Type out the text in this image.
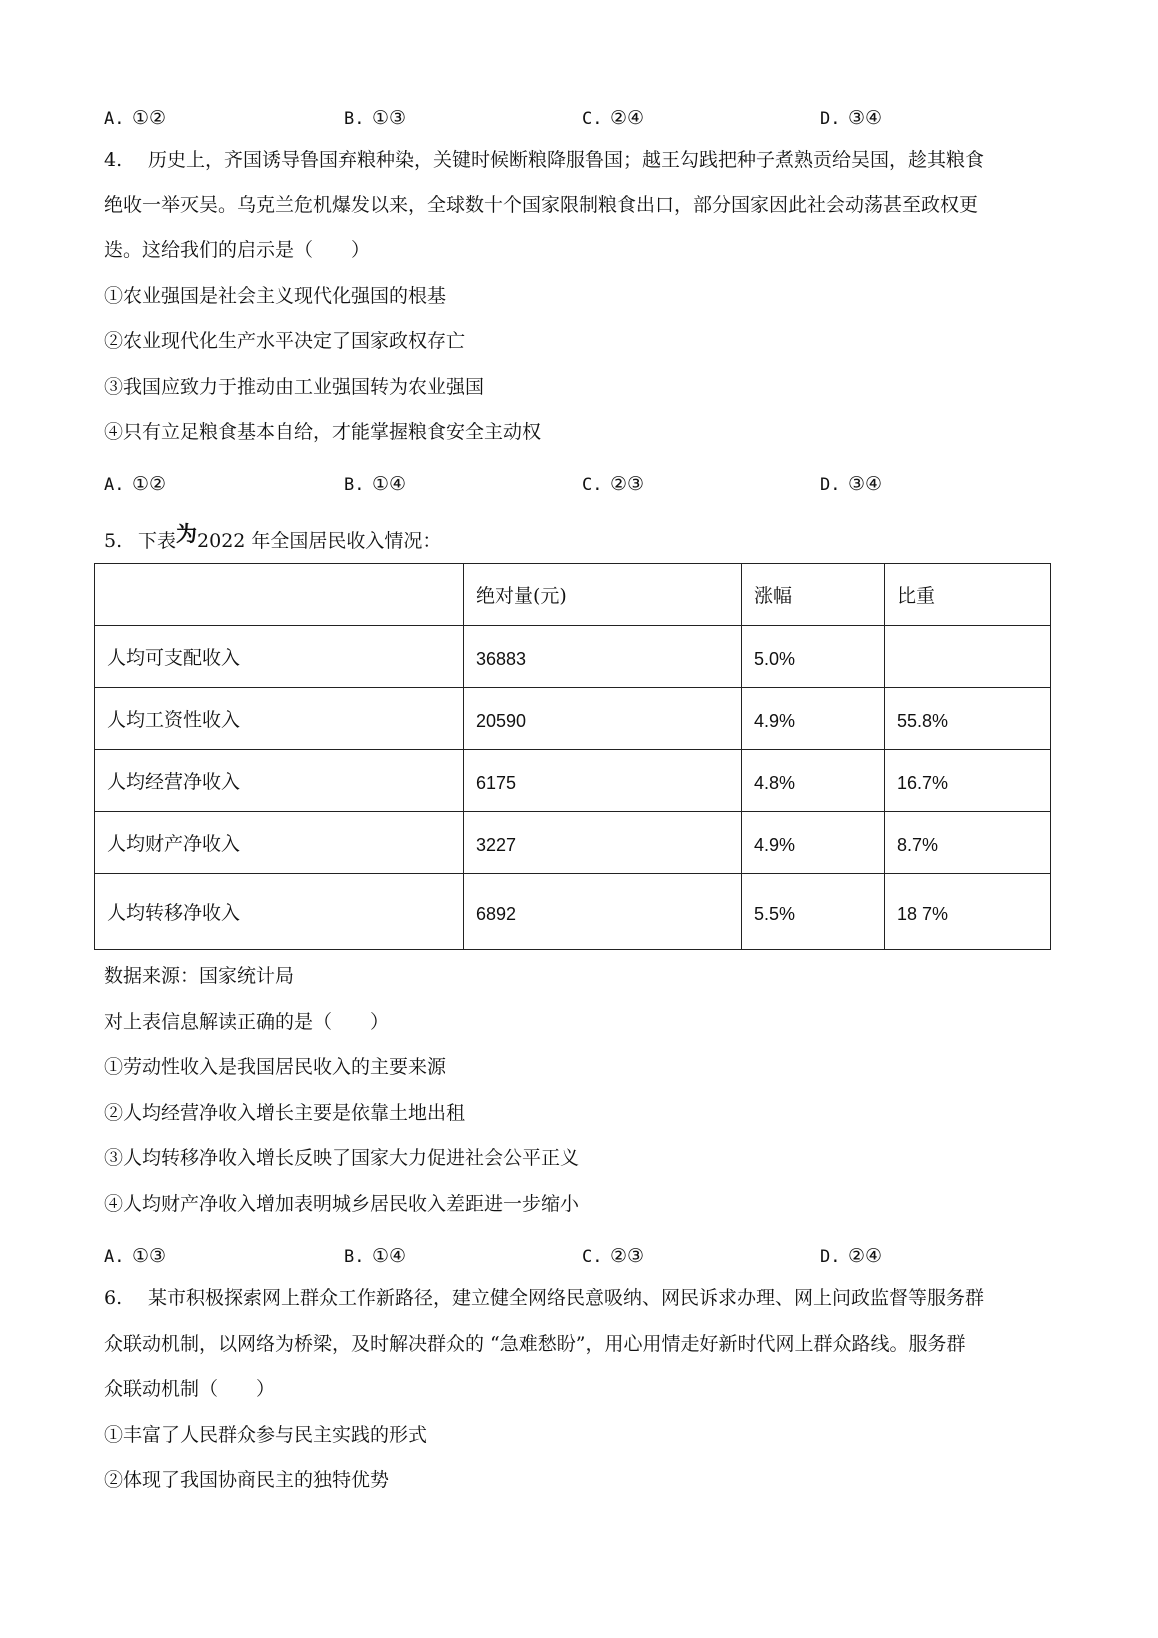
A. ①②	B. ①③	C. ②④	D. ③④
4. 历史上，齐国诱导鲁国弃粮种染，关键时候断粮降服鲁国；越王勾践把种子煮熟贡给吴国，趁其粮食
绝收一举灭吴。乌克兰危机爆发以来，全球数十个国家限制粮食出口，部分国家因此社会动荡甚至政权更
迭。这给我们的启示是（　　）
①农业强国是社会主义现代化强国的根基
②农业现代化生产水平决定了国家政权存亡
③我国应致力于推动由工业强国转为农业强国
④只有立足粮食基本自给，才能掌握粮食安全主动权
A. ①②	B. ①④	C. ②③	D. ③④
5. 下表为2022 年全国居民收入情况：
	绝对量(元)	涨幅	比重
人均可支配收入	36883	5.0%	
人均工资性收入	20590	4.9%	55.8%
人均经营净收入	6175	4.8%	16.7%
人均财产净收入	3227	4.9%	8.7%
人均转移净收入	6892	5.5%	18 7%
数据来源：国家统计局
对上表信息解读正确的是（　　）
①劳动性收入是我国居民收入的主要来源
②人均经营净收入增长主要是依靠土地出租
③人均转移净收入增长反映了国家大力促进社会公平正义
④人均财产净收入增加表明城乡居民收入差距进一步缩小
A. ①③	B. ①④	C. ②③	D. ②④
6. 某市积极探索网上群众工作新路径，建立健全网络民意吸纳、网民诉求办理、网上问政监督等服务群
众联动机制，以网络为桥梁，及时解决群众的 “急难愁盼”，用心用情走好新时代网上群众路线。服务群
众联动机制（　　）
①丰富了人民群众参与民主实践的形式
②体现了我国协商民主的独特优势
